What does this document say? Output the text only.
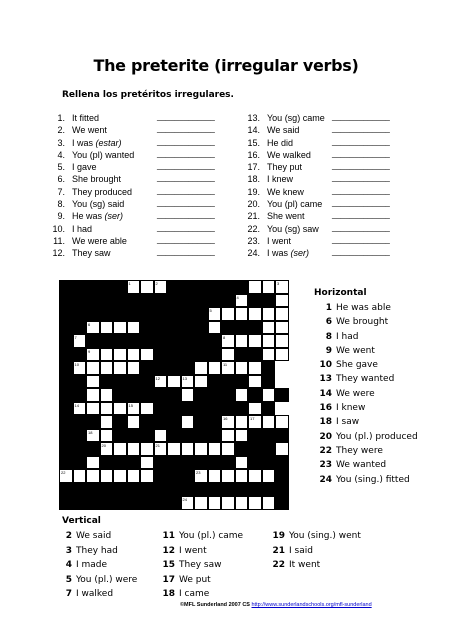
The preterite (irregular verbs)
Rellena los pretéritos irregulares.
1. It fitted
_____
2. We went
_____
3. I was (estar)
_____
4. You (pl) wanted
_____
5. I gave
_____
6. She brought
_____
7. They produced
_____
8. You (sg) said
_____
9. He was (ser)
_____
10. I had
_____
11. We were able
_____
12. They saw
_____
13. You (sg) came
_____
14. We said
_____
15. He did
_____
16. We walked
_____
17. They put
_____
18. I knew
_____
19. We knew
_____
20. You (pl) came
_____
21. She went
_____
22. You (sg) saw
_____
23. I went
_____
24. I was (ser)
_____
1	2	3
4
5
6
7	8
9
10	11
12	13
14	15
16	17
18
20	21
22	23
24
Horizontal
1 He was able
6 We brought
8 I had
9 We went
10 She gave
13 They wanted
14 We were
16 I knew
18 I saw
20 You (pl.) produced
22 They were
23 We wanted
24 You (sing.) fitted
Vertical
2 We said
3 They had
4 I made
5 You (pl.) were
7 I walked
11 You (pl.) came
12 I went
15 They saw
17 We put
18 I came
19 You (sing.) went
21 I said
22 It went
©MFL Sunderland 2007 CS http://www.sunderlandschools.org/mfl-sunderland
